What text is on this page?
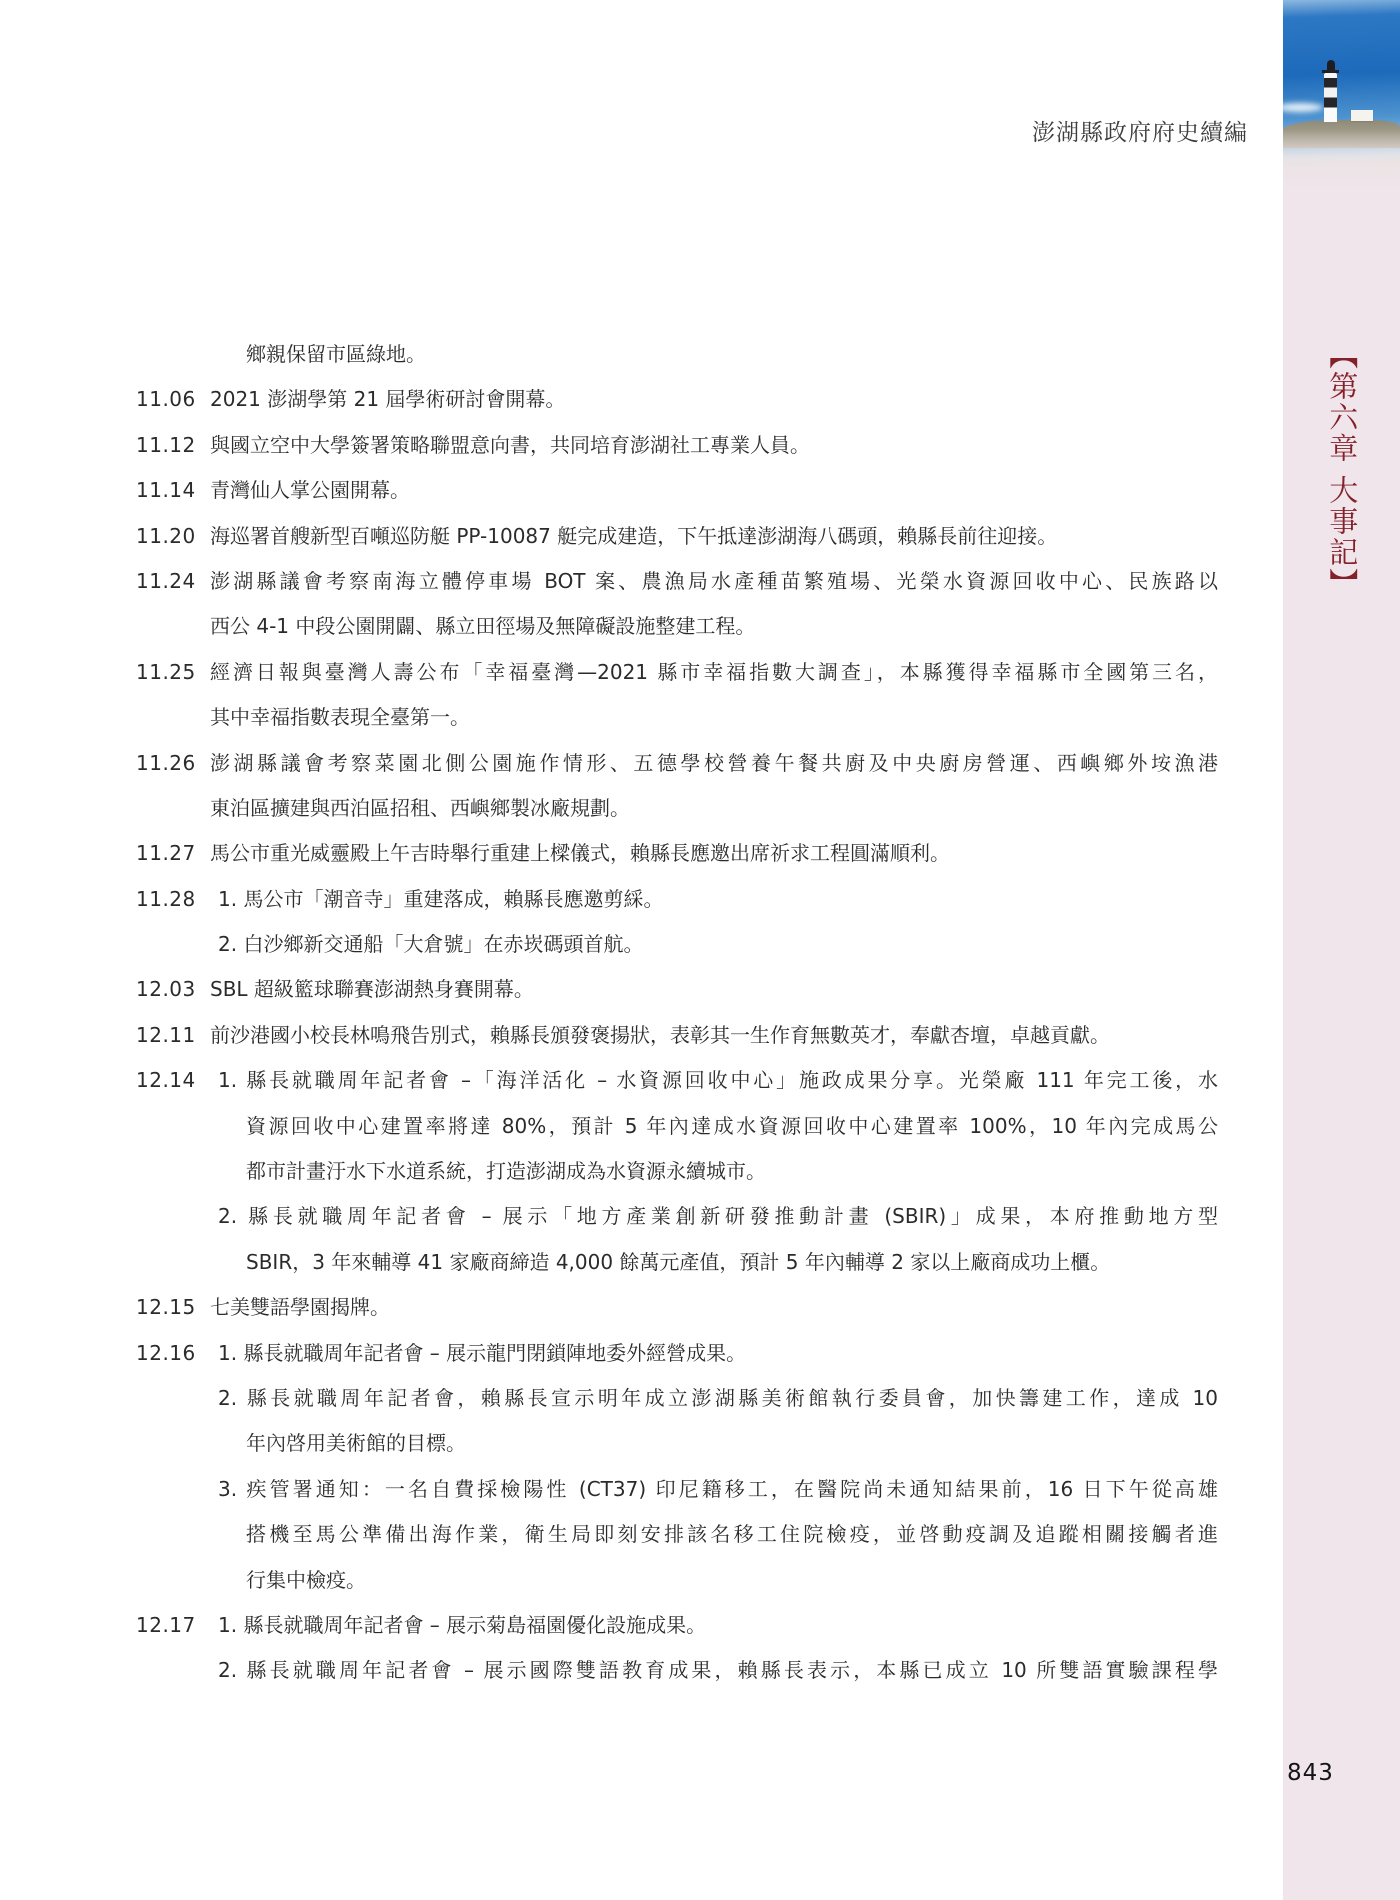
澎湖縣政府府史續編
【第六章 大事記】
843
鄉親保留市區綠地。
11.06 2021 澎湖學第 21 屆學術研討會開幕。
11.12 與國立空中大學簽署策略聯盟意向書，共同培育澎湖社工專業人員。
11.14 青灣仙人掌公園開幕。
11.20 海巡署首艘新型百噸巡防艇 PP-10087 艇完成建造，下午抵達澎湖海八碼頭，賴縣長前往迎接。
11.24 澎湖縣議會考察南海立體停車場 BOT 案、農漁局水產種苗繁殖場、光榮水資源回收中心、民族路以
西公 4-1 中段公園開闢、縣立田徑場及無障礙設施整建工程。
11.25 經濟日報與臺灣人壽公布「幸福臺灣—2021 縣市幸福指數大調查」，本縣獲得幸福縣市全國第三名，
其中幸福指數表現全臺第一。
11.26 澎湖縣議會考察菜園北側公園施作情形、五德學校營養午餐共廚及中央廚房營運、西嶼鄉外垵漁港
東泊區擴建與西泊區招租、西嶼鄉製冰廠規劃。
11.27 馬公市重光威靈殿上午吉時舉行重建上樑儀式，賴縣長應邀出席祈求工程圓滿順利。
11.28 1. 馬公市「潮音寺」重建落成，賴縣長應邀剪綵。
2. 白沙鄉新交通船「大倉號」在赤崁碼頭首航。
12.03 SBL 超級籃球聯賽澎湖熱身賽開幕。
12.11 前沙港國小校長林鳴飛告別式，賴縣長頒發褒揚狀，表彰其一生作育無數英才，奉獻杏壇，卓越貢獻。
12.14 1. 縣長就職周年記者會 –「海洋活化 – 水資源回收中心」施政成果分享。光榮廠 111 年完工後，水
資源回收中心建置率將達 80%，預計 5 年內達成水資源回收中心建置率 100%，10 年內完成馬公
都市計畫汙水下水道系統，打造澎湖成為水資源永續城市。
2. 縣長就職周年記者會 – 展示「地方產業創新研發推動計畫 (SBIR)」成果，本府推動地方型
SBIR，3 年來輔導 41 家廠商締造 4,000 餘萬元產值，預計 5 年內輔導 2 家以上廠商成功上櫃。
12.15 七美雙語學園揭牌。
12.16 1. 縣長就職周年記者會 – 展示龍門閉鎖陣地委外經營成果。
2. 縣長就職周年記者會，賴縣長宣示明年成立澎湖縣美術館執行委員會，加快籌建工作，達成 10
年內啓用美術館的目標。
3. 疾管署通知：一名自費採檢陽性 (CT37) 印尼籍移工，在醫院尚未通知結果前，16 日下午從高雄
搭機至馬公準備出海作業，衛生局即刻安排該名移工住院檢疫，並啓動疫調及追蹤相關接觸者進
行集中檢疫。
12.17 1. 縣長就職周年記者會 – 展示菊島福園優化設施成果。
2. 縣長就職周年記者會 – 展示國際雙語教育成果，賴縣長表示，本縣已成立 10 所雙語實驗課程學
